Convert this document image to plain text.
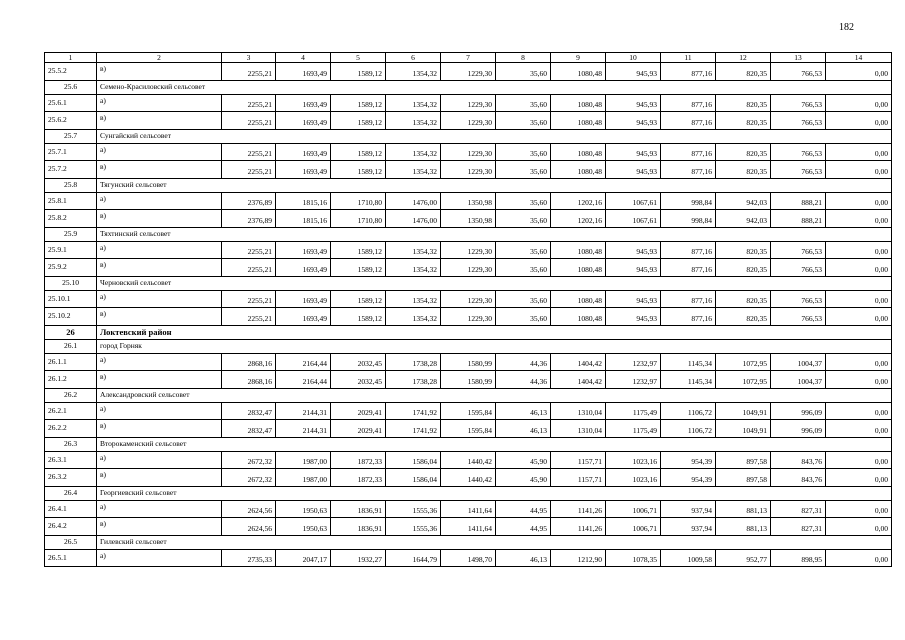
182
1	2	3	4	5	6	7	8	9	10	11	12	13	14
25.5.2	в)	2255,21	1693,49	1589,12	1354,32	1229,30	35,60	1080,48	945,93	877,16	820,35	766,53	0,00
25.6	Семено-Красиловский сельсовет												
25.6.1	а)	2255,21	1693,49	1589,12	1354,32	1229,30	35,60	1080,48	945,93	877,16	820,35	766,53	0,00
25.6.2	в)	2255,21	1693,49	1589,12	1354,32	1229,30	35,60	1080,48	945,93	877,16	820,35	766,53	0,00
25.7	Сунгайский сельсовет												
25.7.1	а)	2255,21	1693,49	1589,12	1354,32	1229,30	35,60	1080,48	945,93	877,16	820,35	766,53	0,00
25.7.2	в)	2255,21	1693,49	1589,12	1354,32	1229,30	35,60	1080,48	945,93	877,16	820,35	766,53	0,00
25.8	Тягунский сельсовет												
25.8.1	а)	2376,89	1815,16	1710,80	1476,00	1350,98	35,60	1202,16	1067,61	998,84	942,03	888,21	0,00
25.8.2	в)	2376,89	1815,16	1710,80	1476,00	1350,98	35,60	1202,16	1067,61	998,84	942,03	888,21	0,00
25.9	Тяхтинский сельсовет												
25.9.1	а)	2255,21	1693,49	1589,12	1354,32	1229,30	35,60	1080,48	945,93	877,16	820,35	766,53	0,00
25.9.2	в)	2255,21	1693,49	1589,12	1354,32	1229,30	35,60	1080,48	945,93	877,16	820,35	766,53	0,00
25.10	Черновский сельсовет												
25.10.1	а)	2255,21	1693,49	1589,12	1354,32	1229,30	35,60	1080,48	945,93	877,16	820,35	766,53	0,00
25.10.2	в)	2255,21	1693,49	1589,12	1354,32	1229,30	35,60	1080,48	945,93	877,16	820,35	766,53	0,00
26	Локтевский район												
26.1	город Горняк												
26.1.1	а)	2868,16	2164,44	2032,45	1738,28	1580,99	44,36	1404,42	1232,97	1145,34	1072,95	1004,37	0,00
26.1.2	в)	2868,16	2164,44	2032,45	1738,28	1580,99	44,36	1404,42	1232,97	1145,34	1072,95	1004,37	0,00
26.2	Александровский сельсовет												
26.2.1	а)	2832,47	2144,31	2029,41	1741,92	1595,84	46,13	1310,04	1175,49	1106,72	1049,91	996,09	0,00
26.2.2	в)	2832,47	2144,31	2029,41	1741,92	1595,84	46,13	1310,04	1175,49	1106,72	1049,91	996,09	0,00
26.3	Второкаменский сельсовет												
26.3.1	а)	2672,32	1987,00	1872,33	1586,04	1440,42	45,90	1157,71	1023,16	954,39	897,58	843,76	0,00
26.3.2	в)	2672,32	1987,00	1872,33	1586,04	1440,42	45,90	1157,71	1023,16	954,39	897,58	843,76	0,00
26.4	Георгиевский сельсовет												
26.4.1	а)	2624,56	1950,63	1836,91	1555,36	1411,64	44,95	1141,26	1006,71	937,94	881,13	827,31	0,00
26.4.2	в)	2624,56	1950,63	1836,91	1555,36	1411,64	44,95	1141,26	1006,71	937,94	881,13	827,31	0,00
26.5	Гилевский сельсовет												
26.5.1	а)	2735,33	2047,17	1932,27	1644,79	1498,70	46,13	1212,90	1078,35	1009,58	952,77	898,95	0,00
